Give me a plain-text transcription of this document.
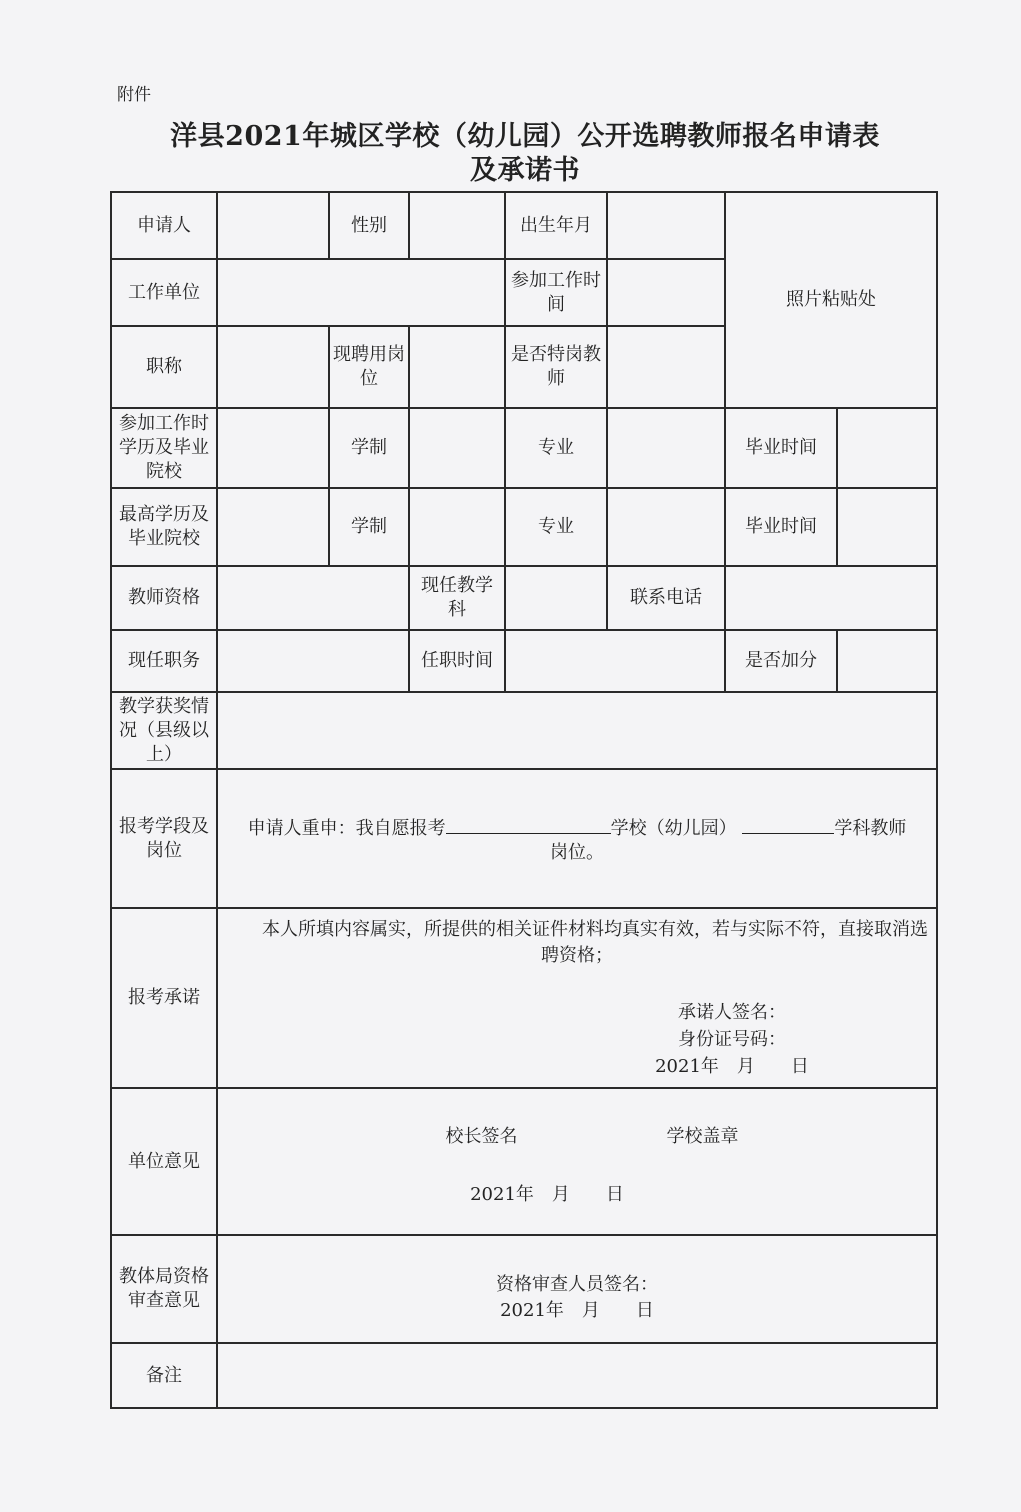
附件
洋县2021年城区学校（幼儿园）公开选聘教师报名申请表
及承诺书
申请人		性别		出生年月		照片粘贴处	
工作单位				参加工作时间			
职称		现聘用岗位		是否特岗教师			
参加工作时学历及毕业院校		学制		专业		毕业时间	
最高学历及毕业院校		学制		专业		毕业时间	
教师资格			现任教学科		联系电话		
现任职务			任职时间			是否加分	
教学获奖情况（县级以上）							
报考学段及岗位	申请人重申：我自愿报考 学校（幼儿园） 学科教师
岗位。						
报考承诺	本人所填内容属实，所提供的相关证件材料均真实有效，若与实际不符，直接取消选聘资格；
承诺人签名：
身份证号码：
2021年　月　　日						

单位意见	校长签名 学校盖章
2021年　月　　日						

教体局资格审查意见	资格审查人员签名：
2021年　月　　日						

备注							
